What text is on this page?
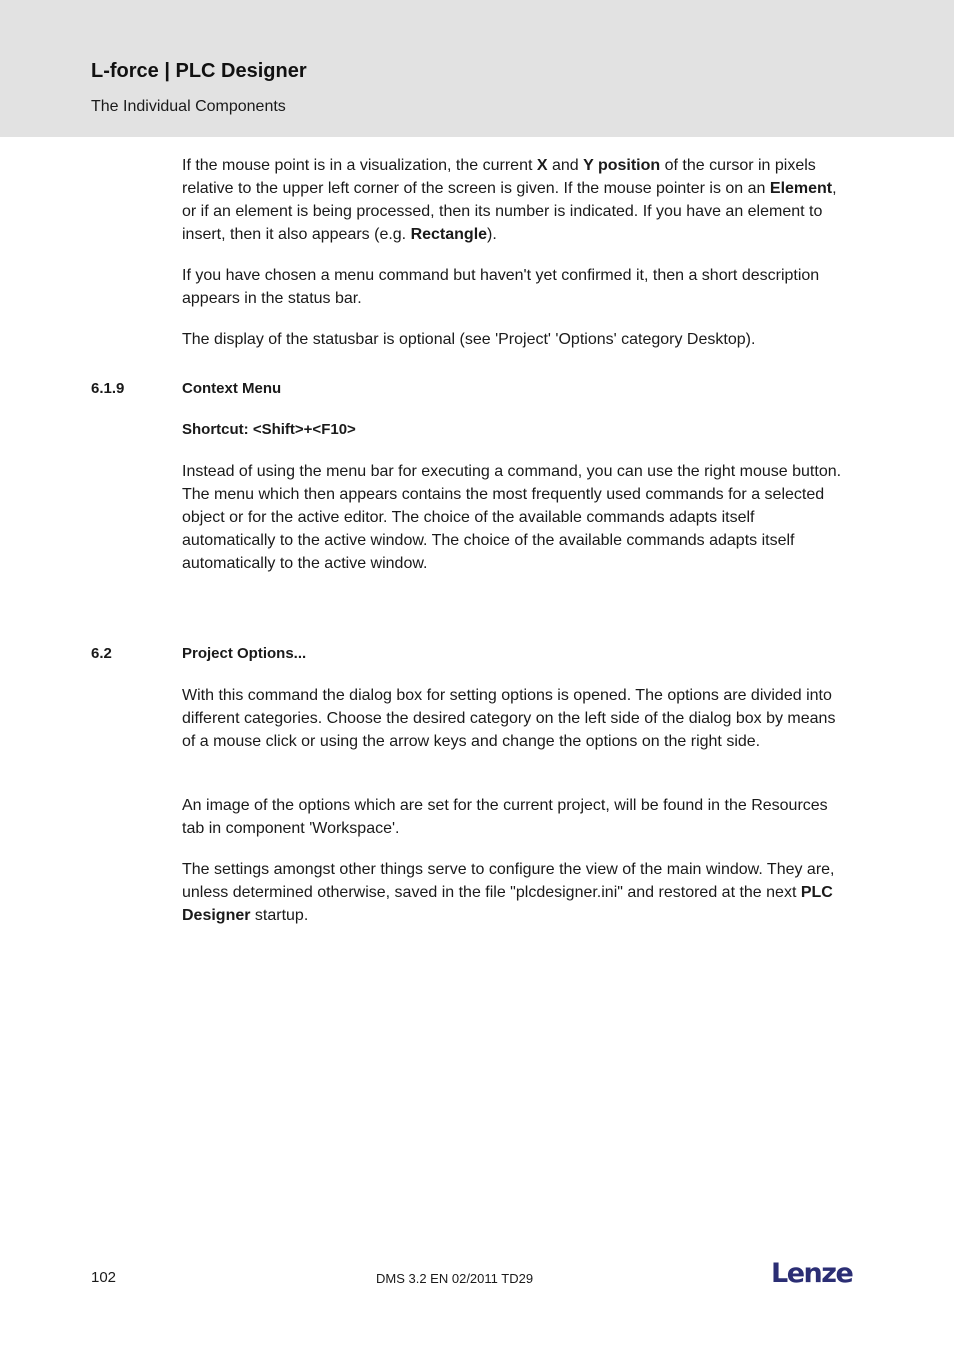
L-force | PLC Designer
The Individual Components

If the mouse point is in a visualization, the current X and Y position of the cursor in pixels relative to the upper left corner of the screen is given. If the mouse pointer is on an Element, or if an element is being processed, then its number is indicated. If you have an element to insert, then it also appears (e.g. Rectangle).

If you have chosen a menu command but haven't yet confirmed it, then a short description appears in the status bar.

The display of the statusbar is optional (see 'Project' 'Options' category Desktop).

6.1.9	Context Menu
Shortcut: <Shift>+<F10>

Instead of using the menu bar for executing a command, you can use the right mouse button. The menu which then appears contains the most frequently used commands for a selected object or for the active editor. The choice of the available commands adapts itself automatically to the active window. The choice of the available commands adapts itself automatically to the active window.

6.2	Project Options...

With this command the dialog box for setting options is opened. The options are divided into different categories. Choose the desired category on the left side of the dialog box by means of a mouse click or using the arrow keys and change the options on the right side.

An image of the options which are set for the current project, will be found in the Resources tab in component 'Workspace'.

The settings amongst other things serve to configure the view of the main window. They are, unless determined otherwise, saved in the file "plcdesigner.ini" and restored at the next PLC Designer startup.

102	DMS 3.2 EN 02/2011 TD29	Lenze
